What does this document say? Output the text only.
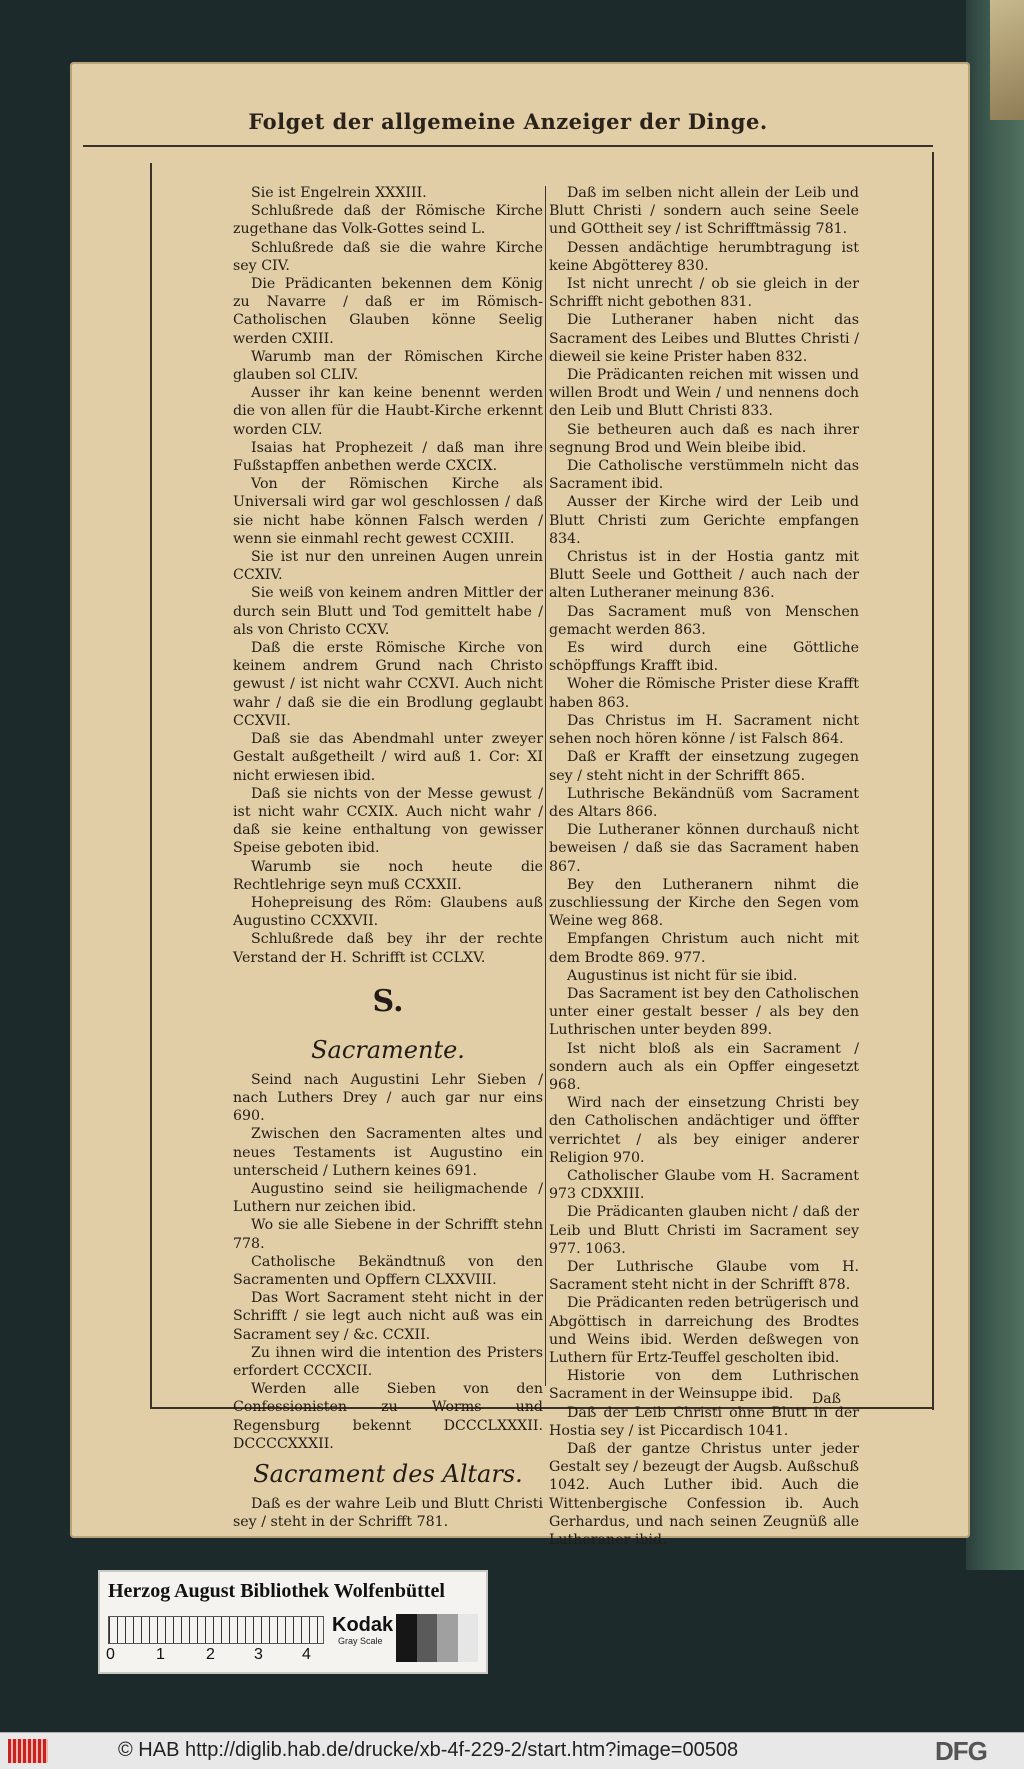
Folget der allgemeine Anzeiger der Dinge.

Sie ist Engelrein XXXIII.

Schlußrede daß der Römische Kirche zugethane das Volk-Gottes seind L.

Schlußrede daß sie die wahre Kirche sey CIV.

Die Prädicanten bekennen dem König zu Navarre / daß er im Römisch-Catholischen Glauben könne Seelig werden CXIII.

Warumb man der Römischen Kirche glauben sol CLIV.

Ausser ihr kan keine benennt werden die von allen für die Haubt-Kirche erkennt worden CLV.

Isaias hat Prophezeit / daß man ihre Fußstapffen anbethen werde CXCIX.

Von der Römischen Kirche als Universali wird gar wol geschlossen / daß sie nicht habe können Falsch werden / wenn sie einmahl recht gewest CCXIII.

Sie ist nur den unreinen Augen unrein CCXIV.

Sie weiß von keinem andren Mittler der durch sein Blutt und Tod gemittelt habe / als von Christo CCXV.

Daß die erste Römische Kirche von keinem andrem Grund nach Christo gewust / ist nicht wahr CCXVI. Auch nicht wahr / daß sie die ein Brodlung geglaubt CCXVII.

Daß sie das Abendmahl unter zweyer Gestalt außgetheilt / wird auß 1. Cor: XI nicht erwiesen ibid.

Daß sie nichts von der Messe gewust / ist nicht wahr CCXIX. Auch nicht wahr / daß sie keine enthaltung von gewisser Speise geboten ibid.

Warumb sie noch heute die Rechtlehrige seyn muß CCXXII.

Hohepreisung des Röm: Glaubens auß Augustino CCXXVII.

Schlußrede daß bey ihr der rechte Verstand der H. Schrifft ist CCLXV.

S.
Sacramente.

Seind nach Augustini Lehr Sieben / nach Luthers Drey / auch gar nur eins 690.

Zwischen den Sacramenten altes und neues Testaments ist Augustino ein unterscheid / Luthern keines 691.

Augustino seind sie heiligmachende / Luthern nur zeichen ibid.

Wo sie alle Siebene in der Schrifft stehn 778.

Catholische Bekändtnuß von den Sacramenten und Opffern CLXXVIII.

Das Wort Sacrament steht nicht in der Schrifft / sie legt auch nicht auß was ein Sacrament sey / &c. CCXII.

Zu ihnen wird die intention des Pristers erfordert CCCXCII.

Werden alle Sieben von den Confessionisten zu Worms und Regensburg bekennt DCCCLXXXII. DCCCCXXXII.

Sacrament des Altars.

Daß es der wahre Leib und Blutt Christi sey / steht in der Schrifft 781.

Daß im selben nicht allein der Leib und Blutt Christi / sondern auch seine Seele und GOttheit sey / ist Schrifftmässig 781.

Dessen andächtige herumbtragung ist keine Abgötterey 830.

Ist nicht unrecht / ob sie gleich in der Schrifft nicht gebothen 831.

Die Lutheraner haben nicht das Sacrament des Leibes und Bluttes Christi / dieweil sie keine Prister haben 832.

Die Prädicanten reichen mit wissen und willen Brodt und Wein / und nennens doch den Leib und Blutt Christi 833.

Sie betheuren auch daß es nach ihrer segnung Brod und Wein bleibe ibid.

Die Catholische verstümmeln nicht das Sacrament ibid.

Ausser der Kirche wird der Leib und Blutt Christi zum Gerichte empfangen 834.

Christus ist in der Hostia gantz mit Blutt Seele und Gottheit / auch nach der alten Lutheraner meinung 836.

Das Sacrament muß von Menschen gemacht werden 863.

Es wird durch eine Göttliche schöpffungs Krafft ibid.

Woher die Römische Prister diese Krafft haben 863.

Das Christus im H. Sacrament nicht sehen noch hören könne / ist Falsch 864.

Daß er Krafft der einsetzung zugegen sey / steht nicht in der Schrifft 865.

Luthrische Bekändnüß vom Sacrament des Altars 866.

Die Lutheraner können durchauß nicht beweisen / daß sie das Sacrament haben 867.

Bey den Lutheranern nihmt die zuschliessung der Kirche den Segen vom Weine weg 868.

Empfangen Christum auch nicht mit dem Brodte 869. 977.

Augustinus ist nicht für sie ibid.

Das Sacrament ist bey den Catholischen unter einer gestalt besser / als bey den Luthrischen unter beyden 899.

Ist nicht bloß als ein Sacrament / sondern auch als ein Opffer eingesetzt 968.

Wird nach der einsetzung Christi bey den Catholischen andächtiger und öffter verrichtet / als bey einiger anderer Religion 970.

Catholischer Glaube vom H. Sacrament 973 CDXXIII.

Die Prädicanten glauben nicht / daß der Leib und Blutt Christi im Sacrament sey 977. 1063.

Der Luthrische Glaube vom H. Sacrament steht nicht in der Schrifft 878.

Die Prädicanten reden betrügerisch und Abgöttisch in darreichung des Brodtes und Weins ibid. Werden deßwegen von Luthern für Ertz-Teuffel gescholten ibid.

Historie von dem Luthrischen Sacrament in der Weinsuppe ibid.

Daß der Leib Christi ohne Blutt in der Hostia sey / ist Piccardisch 1041.

Daß der gantze Christus unter jeder Gestalt sey / bezeugt der Augsb. Außschuß 1042. Auch Luther ibid. Auch die Wittenbergische Confession ib. Auch Gerhardus, und nach seinen Zeugnüß alle Lutheraner ibid.

Daß
Herzog August Bibliothek Wolfenbüttel
0	1	2 3 4
Kodak
Gray Scale
© HAB http://diglib.hab.de/drucke/xb-4f-229-2/start.htm?image=00508	DFG
